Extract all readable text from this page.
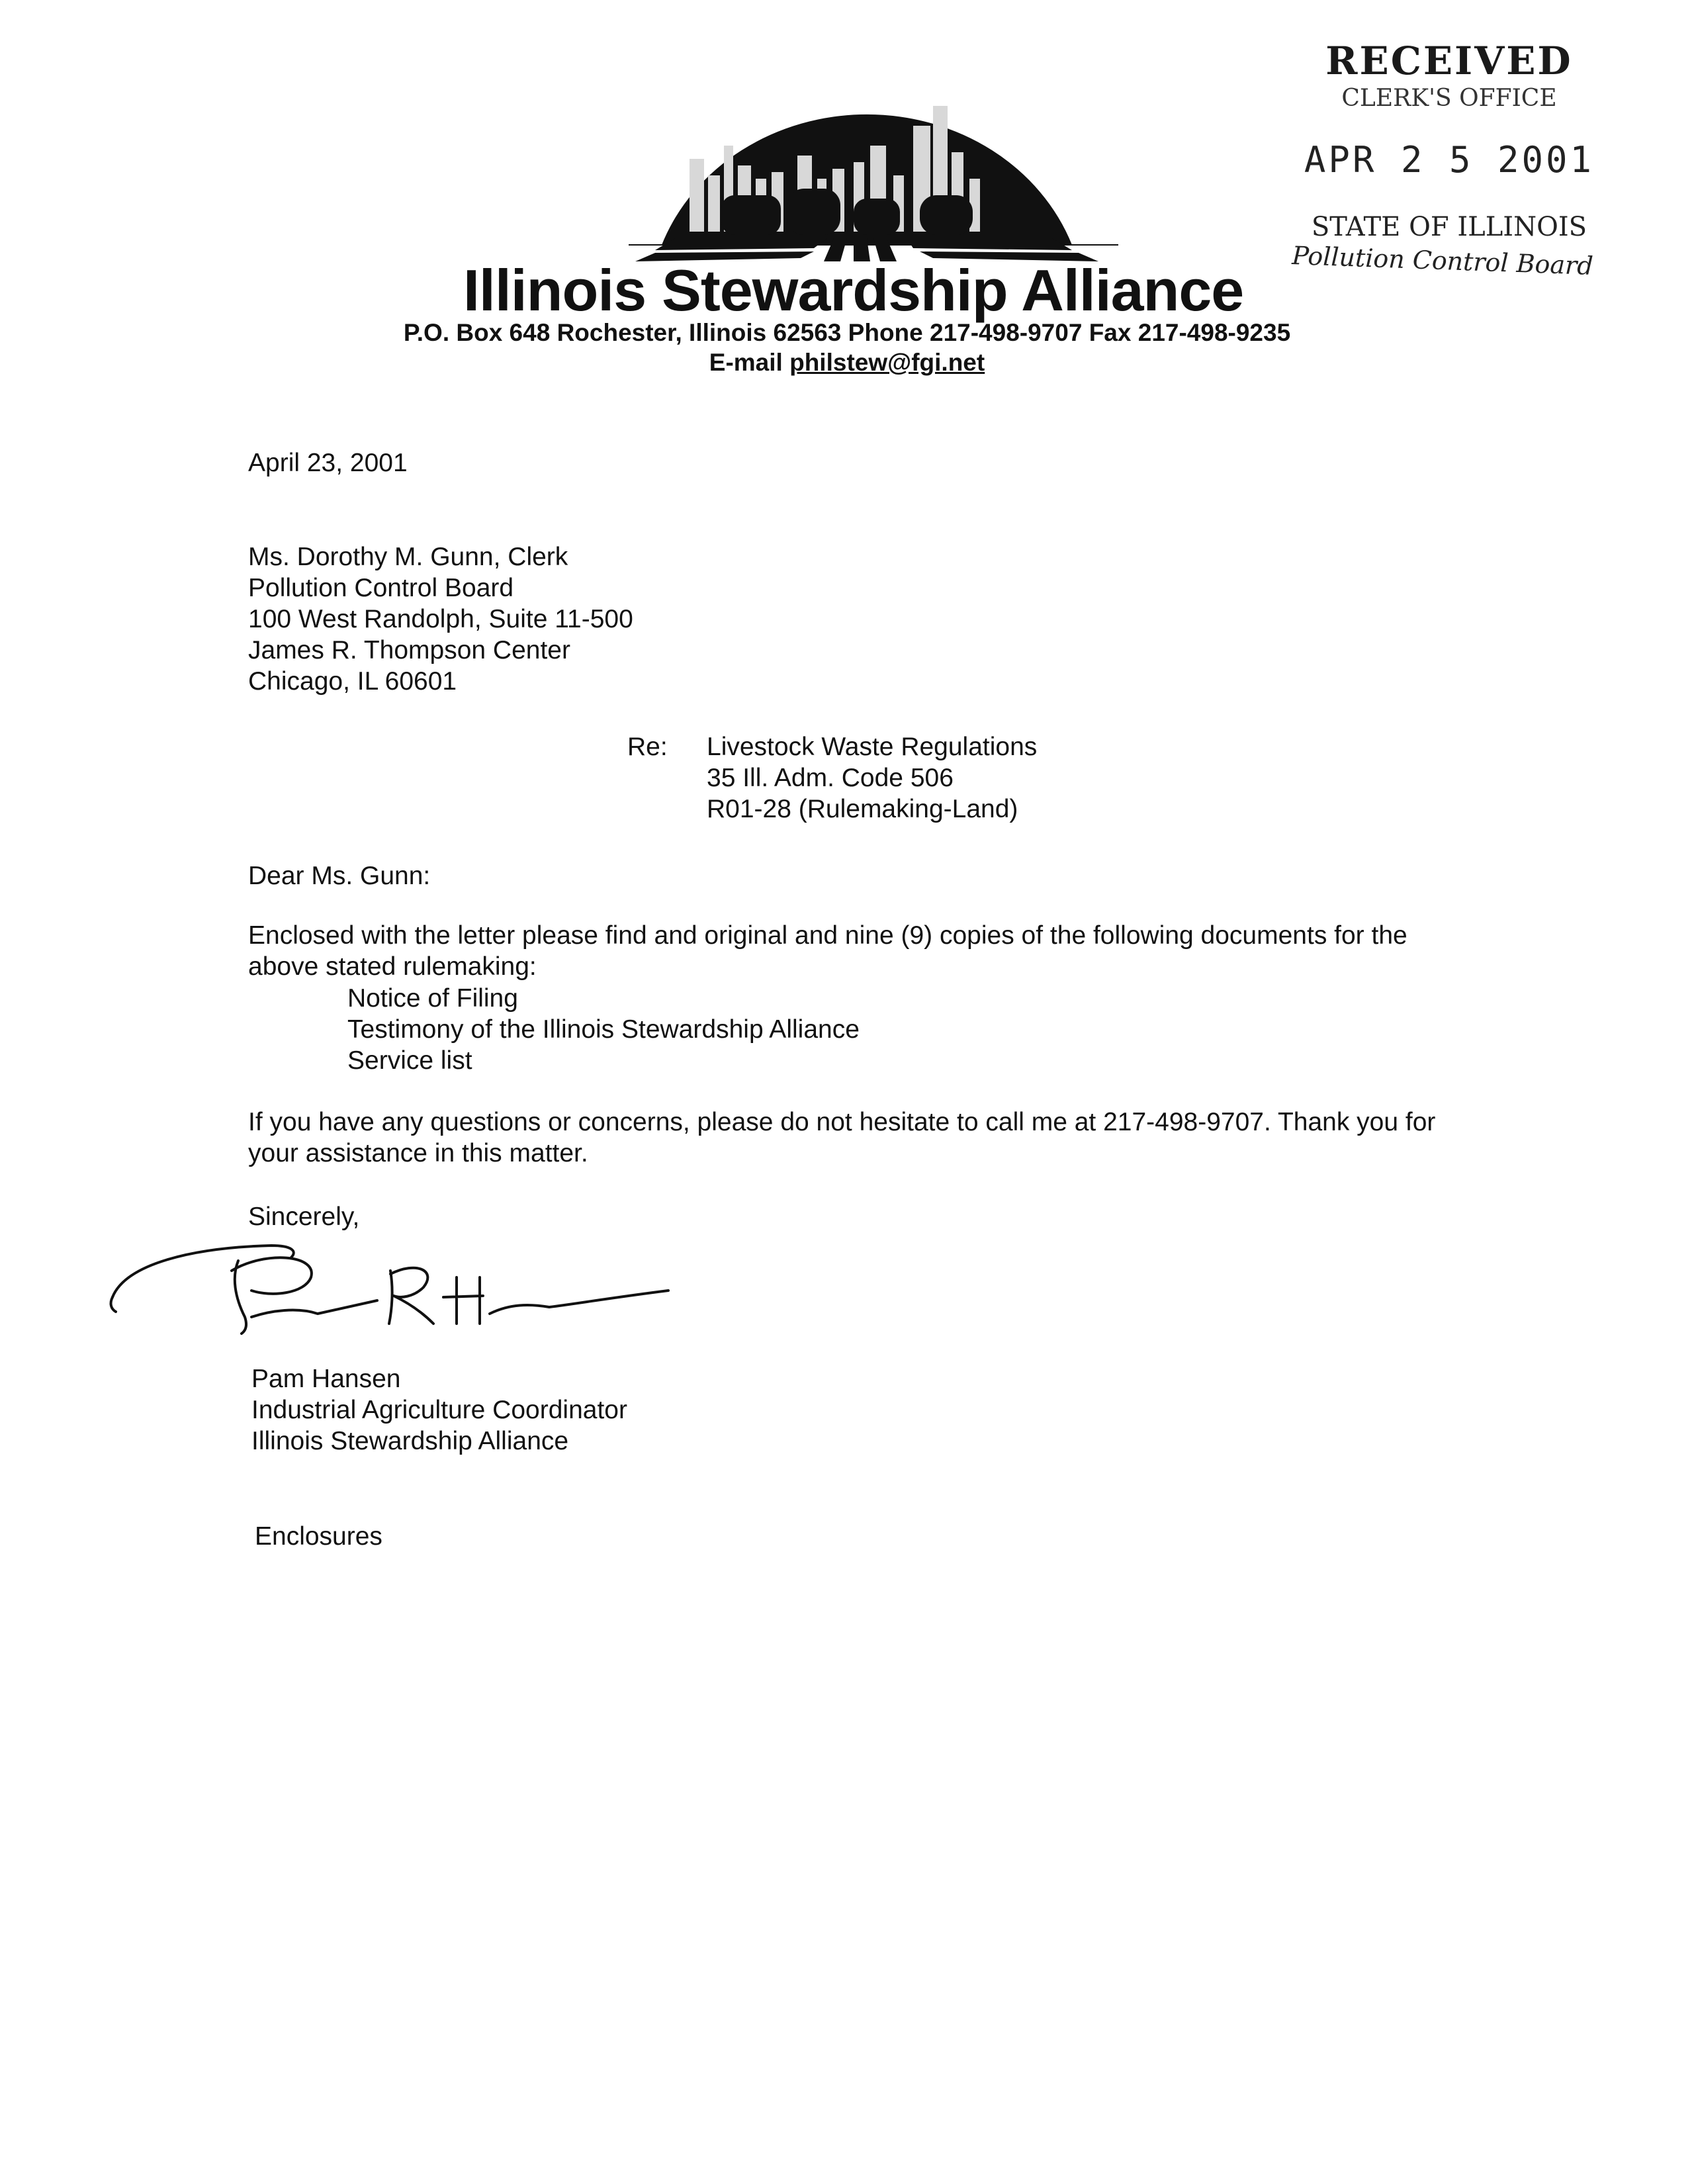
Illinois Stewardship Alliance
P.O. Box 648 Rochester, Illinois 62563 Phone 217-498-9707 Fax 217-498-9235
E-mail philstew@fgi.net
RECEIVED
CLERK'S OFFICE
APR 2 5 2001
STATE OF ILLINOIS
Pollution Control Board
April 23, 2001
Ms. Dorothy M. Gunn, Clerk
Pollution Control Board
100 West Randolph, Suite 11-500
James R. Thompson Center
Chicago, IL 60601
Re: Livestock Waste Regulations
35 Ill. Adm. Code 506
R01-28 (Rulemaking-Land)
Dear Ms. Gunn:
Enclosed with the letter please find and original and nine (9) copies of the following documents for the above stated rulemaking:
Notice of Filing
Testimony of the Illinois Stewardship Alliance
Service list
If you have any questions or concerns, please do not hesitate to call me at 217-498-9707. Thank you for your assistance in this matter.
Sincerely,
Pam Hansen
Industrial Agriculture Coordinator
Illinois Stewardship Alliance
Enclosures
